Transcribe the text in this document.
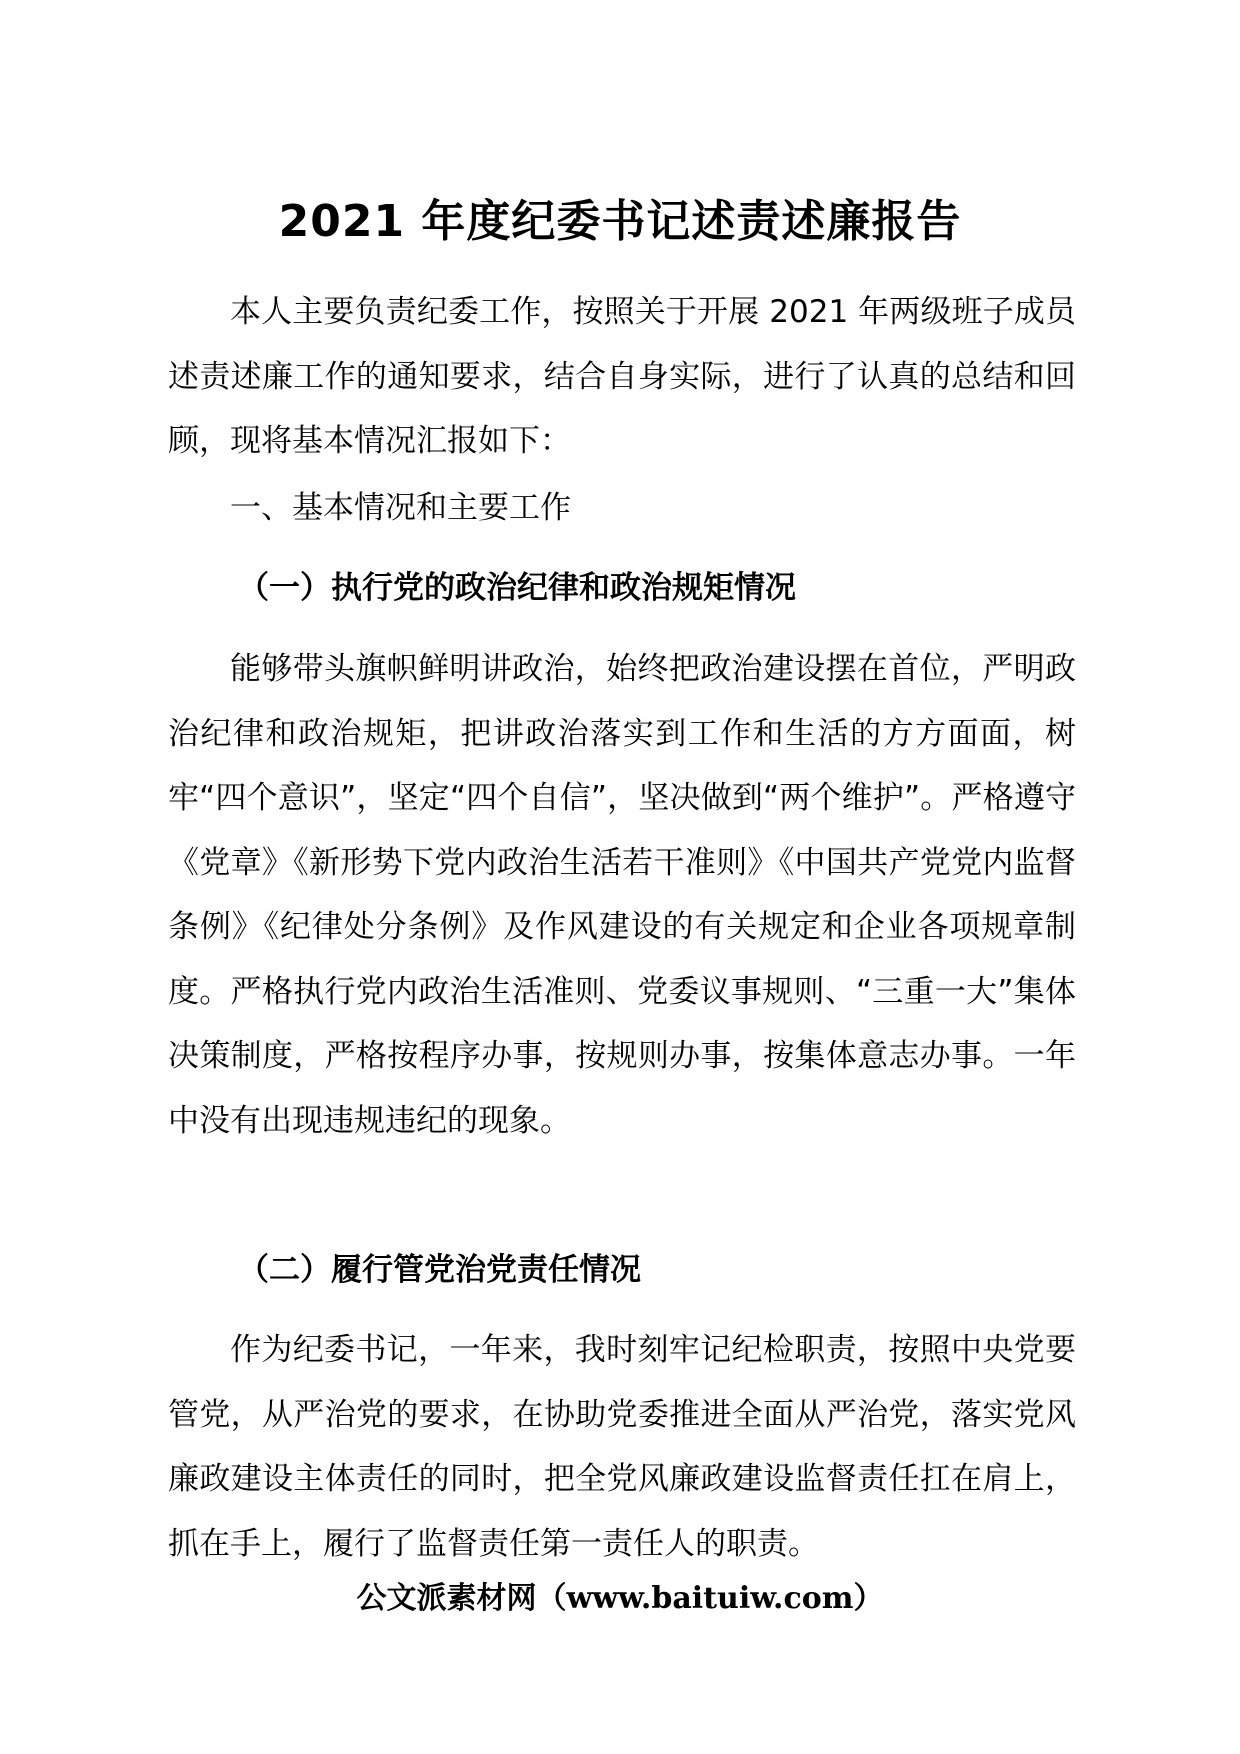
2021 年度纪委书记述责述廉报告
本人主要负责纪委工作，按照关于开展 2021 年两级班子成员述责述廉工作的通知要求，结合自身实际，进行了认真的总结和回顾，现将基本情况汇报如下：
一、基本情况和主要工作
（一）执行党的政治纪律和政治规矩情况
能够带头旗帜鲜明讲政治，始终把政治建设摆在首位，严明政治纪律和政治规矩，把讲政治落实到工作和生活的方方面面，树牢“四个意识”，坚定“四个自信”，坚决做到“两个维护”。严格遵守《党章》《新形势下党内政治生活若干准则》《中国共产党党内监督条例》《纪律处分条例》及作风建设的有关规定和企业各项规章制度。严格执行党内政治生活准则、党委议事规则、“三重一大”集体决策制度，严格按程序办事，按规则办事，按集体意志办事。一年中没有出现违规违纪的现象。
（二）履行管党治党责任情况
作为纪委书记，一年来，我时刻牢记纪检职责，按照中央党要管党，从严治党的要求，在协助党委推进全面从严治党，落实党风廉政建设主体责任的同时，把全党风廉政建设监督责任扛在肩上，抓在手上，履行了监督责任第一责任人的职责。
公文派素材网（www.baituiw.com）
